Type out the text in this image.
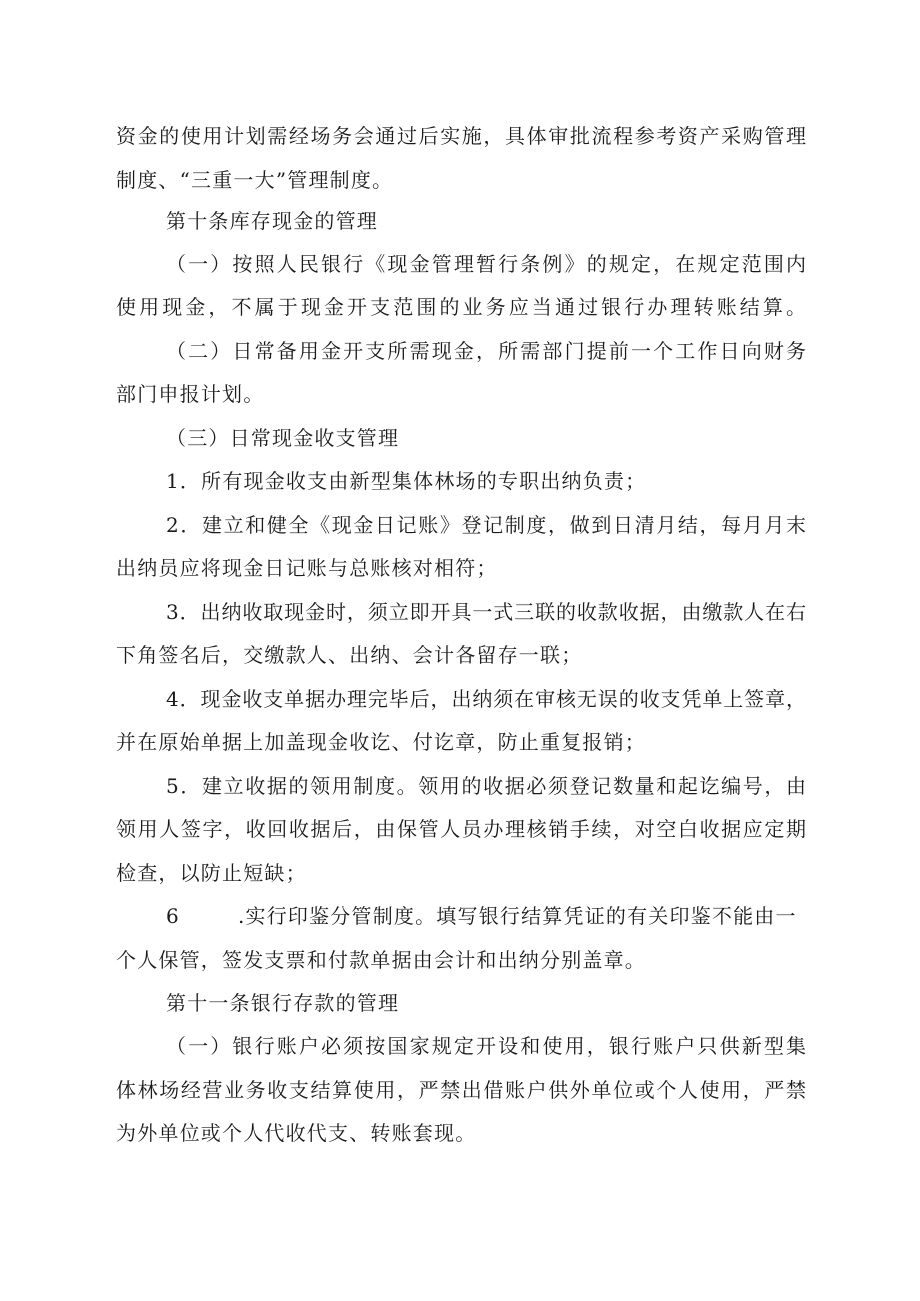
资金的使用计划需经场务会通过后实施，具体审批流程参考资产采购管理
制度、“三重一大”管理制度。
第十条库存现金的管理
（一）按照人民银行《现金管理暂行条例》的规定，在规定范围内
使用现金，不属于现金开支范围的业务应当通过银行办理转账结算。
（二）日常备用金开支所需现金，所需部门提前一个工作日向财务
部门申报计划。
（三）日常现金收支管理
1．所有现金收支由新型集体林场的专职出纳负责；
2．建立和健全《现金日记账》登记制度，做到日清月结，每月月末
出纳员应将现金日记账与总账核对相符；
3．出纳收取现金时，须立即开具一式三联的收款收据，由缴款人在右
下角签名后，交缴款人、出纳、会计各留存一联；
4．现金收支单据办理完毕后，出纳须在审核无误的收支凭单上签章，
并在原始单据上加盖现金收讫、付讫章，防止重复报销；
5．建立收据的领用制度。领用的收据必须登记数量和起讫编号，由
领用人签字，收回收据后，由保管人员办理核销手续，对空白收据应定期
检查，以防止短缺；
6	.实行印鉴分管制度。填写银行结算凭证的有关印鉴不能由一
个人保管，签发支票和付款单据由会计和出纳分别盖章。
第十一条银行存款的管理
（一）银行账户必须按国家规定开设和使用，银行账户只供新型集
体林场经营业务收支结算使用，严禁出借账户供外单位或个人使用，严禁
为外单位或个人代收代支、转账套现。
